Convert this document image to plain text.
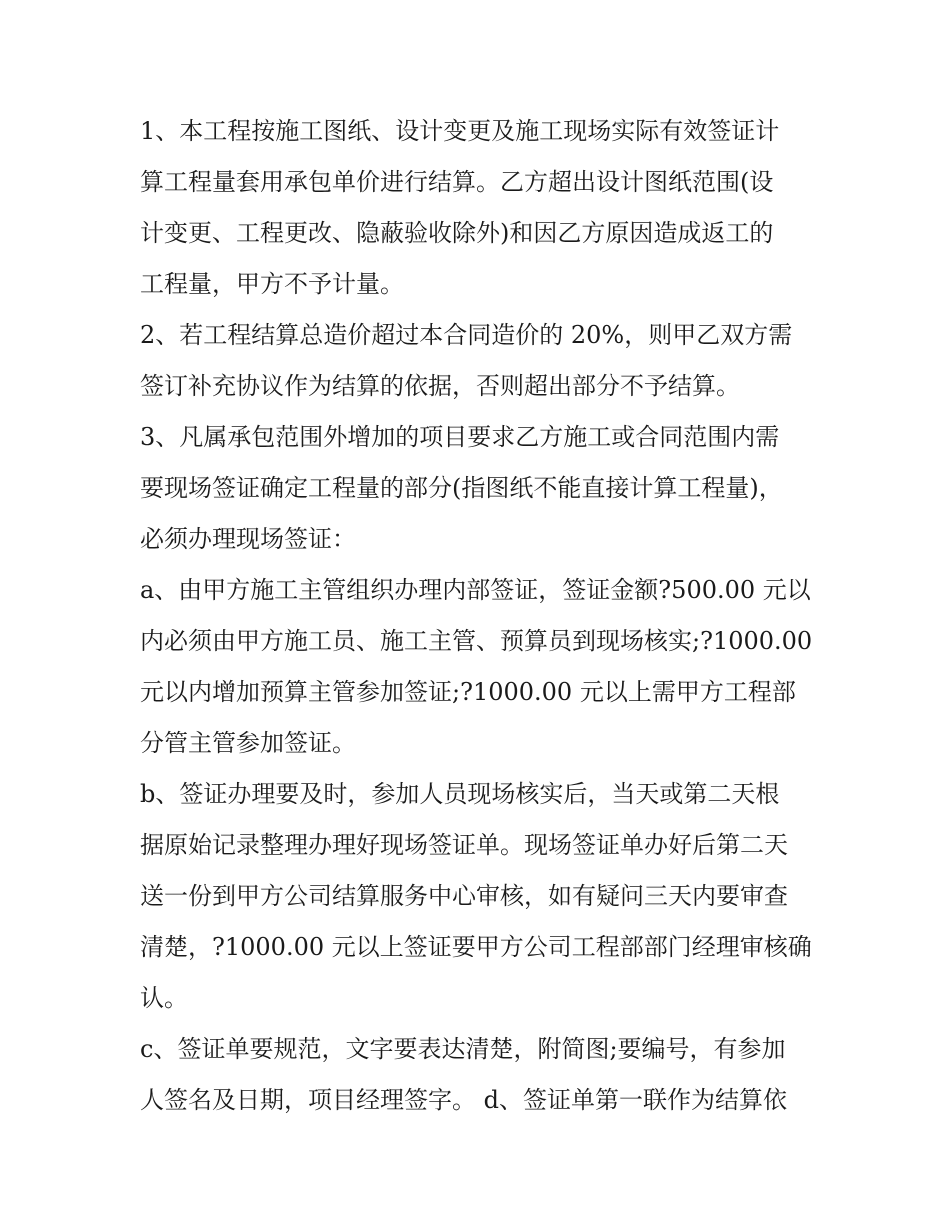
1、本工程按施工图纸、设计变更及施工现场实际有效签证计
算工程量套用承包单价进行结算。乙方超出设计图纸范围(设
计变更、工程更改、隐蔽验收除外)和因乙方原因造成返工的
工程量，甲方不予计量。
2、若工程结算总造价超过本合同造价的 20%，则甲乙双方需
签订补充协议作为结算的依据，否则超出部分不予结算。
3、凡属承包范围外增加的项目要求乙方施工或合同范围内需
要现场签证确定工程量的部分(指图纸不能直接计算工程量)，
必须办理现场签证：
a、由甲方施工主管组织办理内部签证，签证金额?500.00 元以
内必须由甲方施工员、施工主管、预算员到现场核实;?1000.00
元以内增加预算主管参加签证;?1000.00 元以上需甲方工程部
分管主管参加签证。
b、签证办理要及时，参加人员现场核实后，当天或第二天根
据原始记录整理办理好现场签证单。现场签证单办好后第二天
送一份到甲方公司结算服务中心审核，如有疑问三天内要审查
清楚，?1000.00 元以上签证要甲方公司工程部部门经理审核确
认。
c、签证单要规范，文字要表达清楚，附简图;要编号，有参加
人签名及日期，项目经理签字。 d、签证单第一联作为结算依
